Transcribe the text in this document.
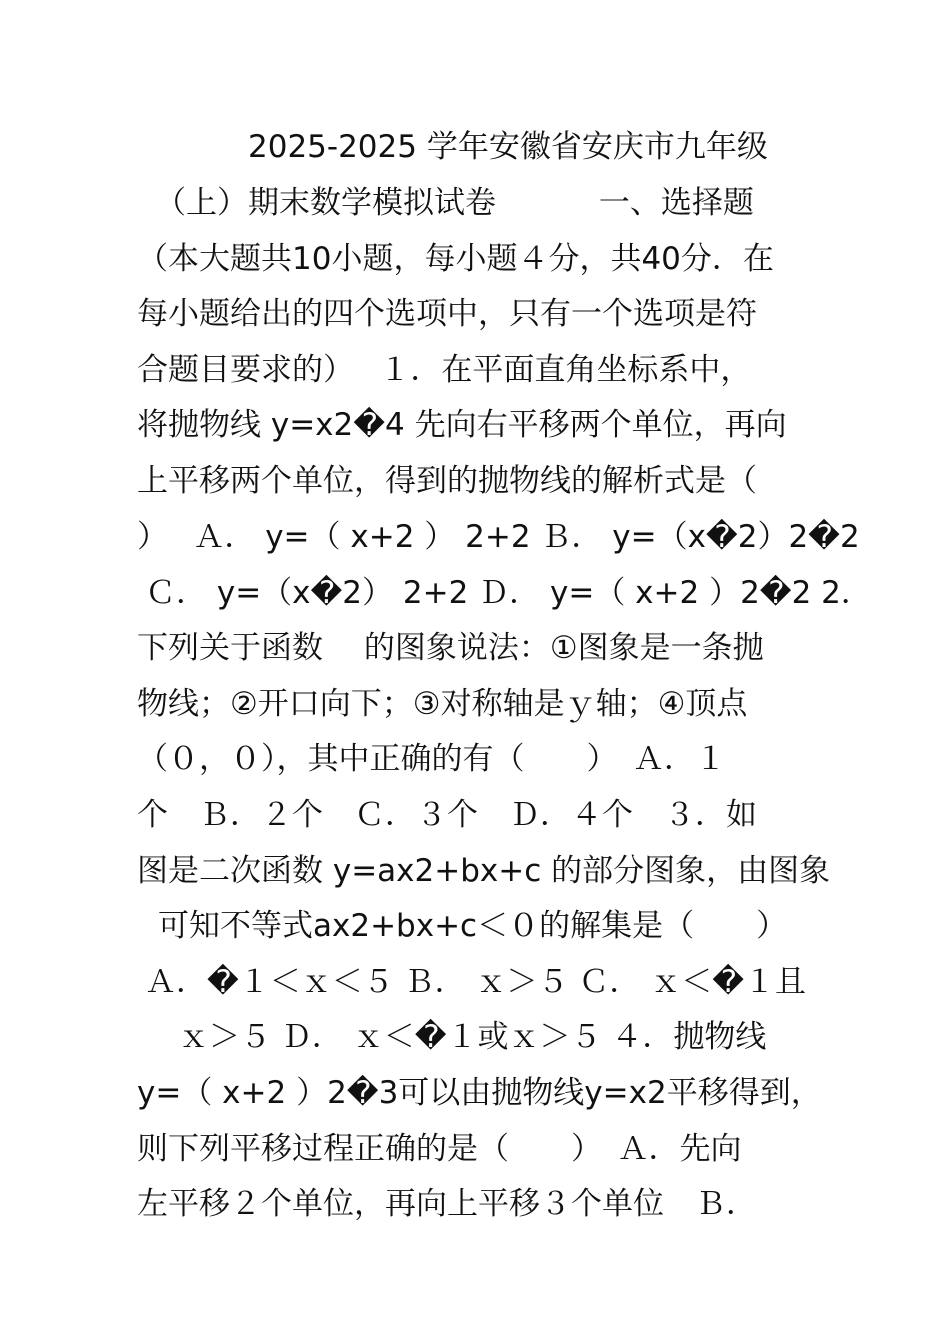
2025-2025 学年安徽省安庆市九年级
（上）期末数学模拟试卷　　 　一、选择题
（本大题共10小题，每小题４分，共40分．在
每小题给出的四个选项中，只有一个选项是符
合题目要求的）　 １．在平面直角坐标系中，
将抛物线 y=x2�4 先向右平移两个单位，再向
上平移两个单位，得到的抛物线的解析式是（
）　 Ａ． y=（ x+2 ） 2+2 Ｂ． y=（x�2）2�2
Ｃ． y=（x�2） 2+2 Ｄ． y=（ x+2 ）2�2 2．
下列关于函数　 的图象说法：①图象是一条抛
物线；②开口向下；③对称轴是ｙ轴；④顶点
（０，０），其中正确的有（　　）　Ａ．１
个　Ｂ．２个　Ｃ．３个　Ｄ．４个　３．如
图是二次函数 y=ax2+bx+c 的部分图象，由图象
可知不等式ax2+bx+c＜０的解集是（　　）
Ａ．�１＜ｘ＜５ Ｂ． ｘ＞５ Ｃ． ｘ＜�１且
ｘ＞５ Ｄ． ｘ＜�１或ｘ＞５ ４．抛物线
y=（ x+2 ）2�3可以由抛物线y=x2平移得到，
则下列平移过程正确的是（　　）　Ａ．先向
左平移２个单位，再向上平移３个单位　Ｂ．
